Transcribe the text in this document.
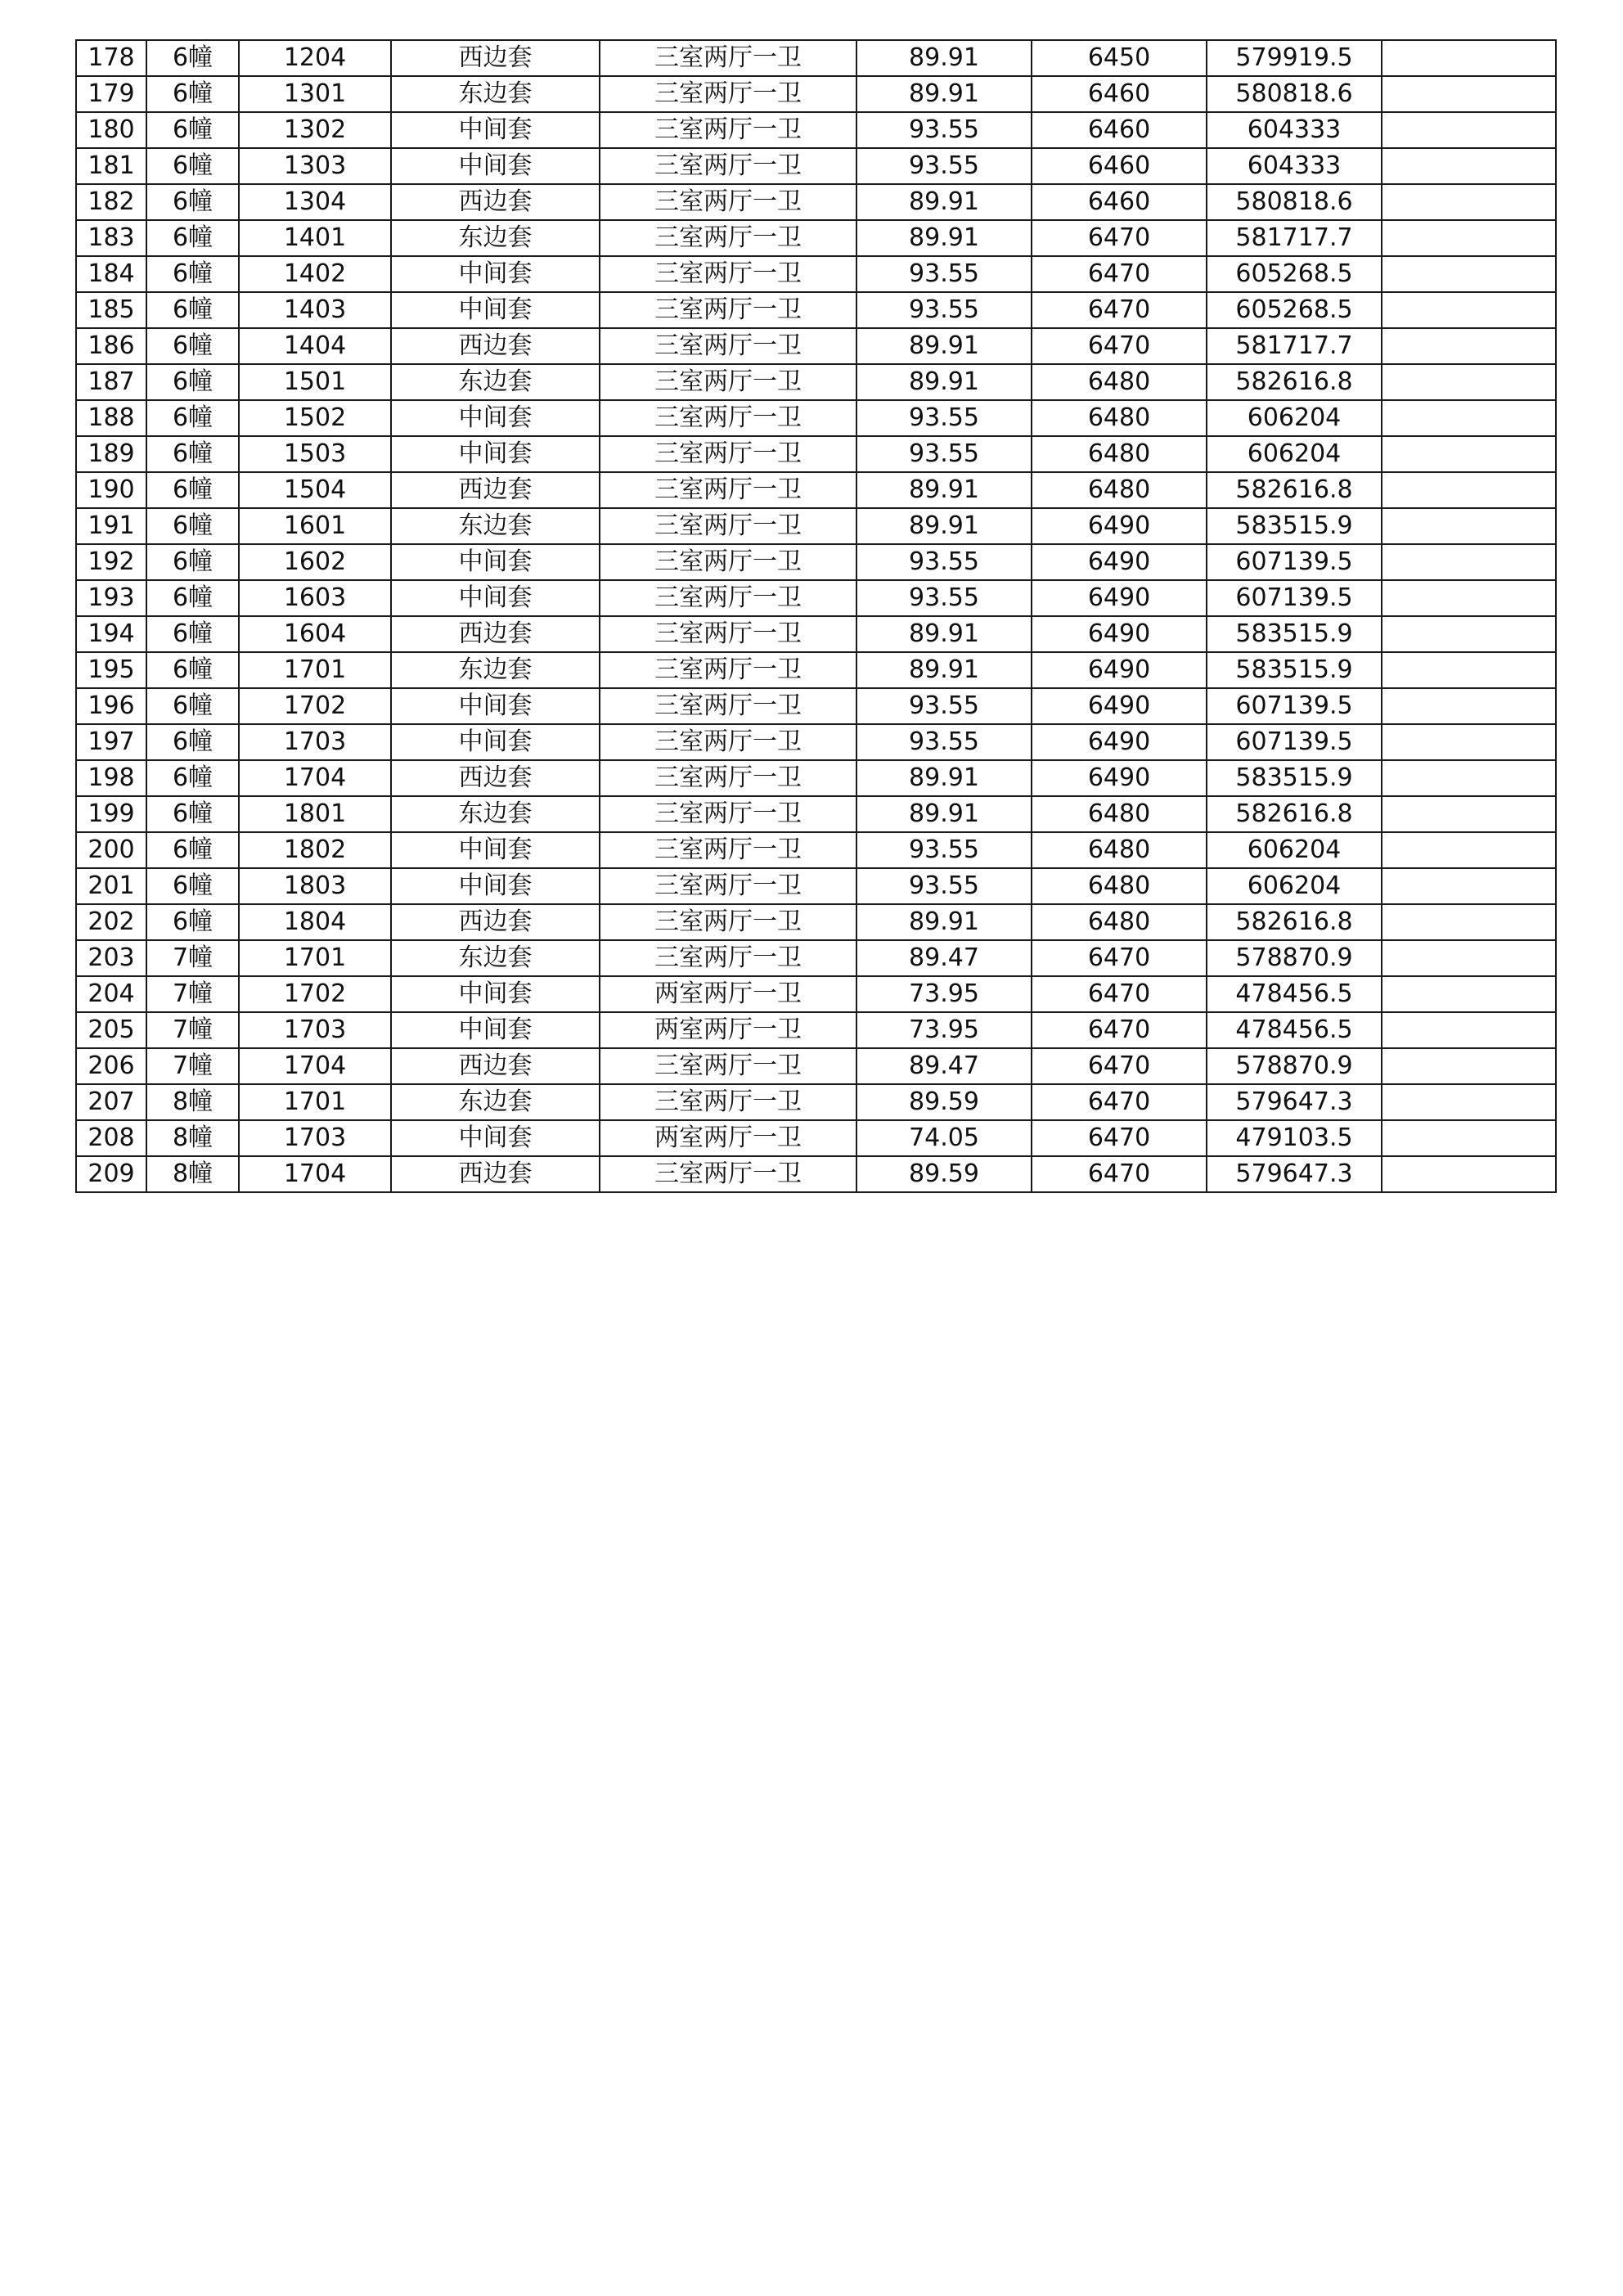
178	6幢	1204	西边套	三室两厅一卫	89.91	6450	579919.5	
179	6幢	1301	东边套	三室两厅一卫	89.91	6460	580818.6	
180	6幢	1302	中间套	三室两厅一卫	93.55	6460	604333	
181	6幢	1303	中间套	三室两厅一卫	93.55	6460	604333	
182	6幢	1304	西边套	三室两厅一卫	89.91	6460	580818.6	
183	6幢	1401	东边套	三室两厅一卫	89.91	6470	581717.7	
184	6幢	1402	中间套	三室两厅一卫	93.55	6470	605268.5	
185	6幢	1403	中间套	三室两厅一卫	93.55	6470	605268.5	
186	6幢	1404	西边套	三室两厅一卫	89.91	6470	581717.7	
187	6幢	1501	东边套	三室两厅一卫	89.91	6480	582616.8	
188	6幢	1502	中间套	三室两厅一卫	93.55	6480	606204	
189	6幢	1503	中间套	三室两厅一卫	93.55	6480	606204	
190	6幢	1504	西边套	三室两厅一卫	89.91	6480	582616.8	
191	6幢	1601	东边套	三室两厅一卫	89.91	6490	583515.9	
192	6幢	1602	中间套	三室两厅一卫	93.55	6490	607139.5	
193	6幢	1603	中间套	三室两厅一卫	93.55	6490	607139.5	
194	6幢	1604	西边套	三室两厅一卫	89.91	6490	583515.9	
195	6幢	1701	东边套	三室两厅一卫	89.91	6490	583515.9	
196	6幢	1702	中间套	三室两厅一卫	93.55	6490	607139.5	
197	6幢	1703	中间套	三室两厅一卫	93.55	6490	607139.5	
198	6幢	1704	西边套	三室两厅一卫	89.91	6490	583515.9	
199	6幢	1801	东边套	三室两厅一卫	89.91	6480	582616.8	
200	6幢	1802	中间套	三室两厅一卫	93.55	6480	606204	
201	6幢	1803	中间套	三室两厅一卫	93.55	6480	606204	
202	6幢	1804	西边套	三室两厅一卫	89.91	6480	582616.8	
203	7幢	1701	东边套	三室两厅一卫	89.47	6470	578870.9	
204	7幢	1702	中间套	两室两厅一卫	73.95	6470	478456.5	
205	7幢	1703	中间套	两室两厅一卫	73.95	6470	478456.5	
206	7幢	1704	西边套	三室两厅一卫	89.47	6470	578870.9	
207	8幢	1701	东边套	三室两厅一卫	89.59	6470	579647.3	
208	8幢	1703	中间套	两室两厅一卫	74.05	6470	479103.5	
209	8幢	1704	西边套	三室两厅一卫	89.59	6470	579647.3	
